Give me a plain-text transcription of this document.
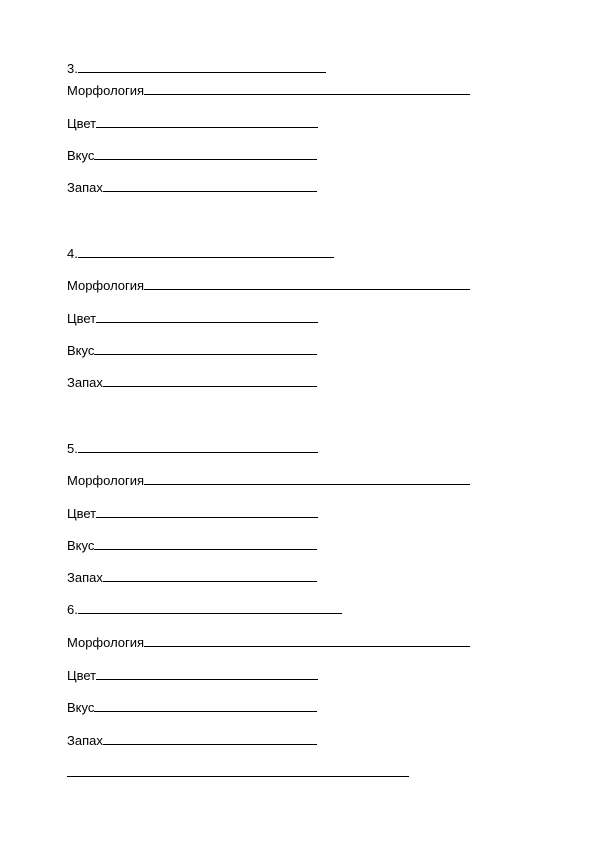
3.
Морфология
Цвет
Вкус
Запах
4.
Морфология
Цвет
Вкус
Запах
5.
Морфология
Цвет
Вкус
Запах
6.
Морфология
Цвет
Вкус
Запах
